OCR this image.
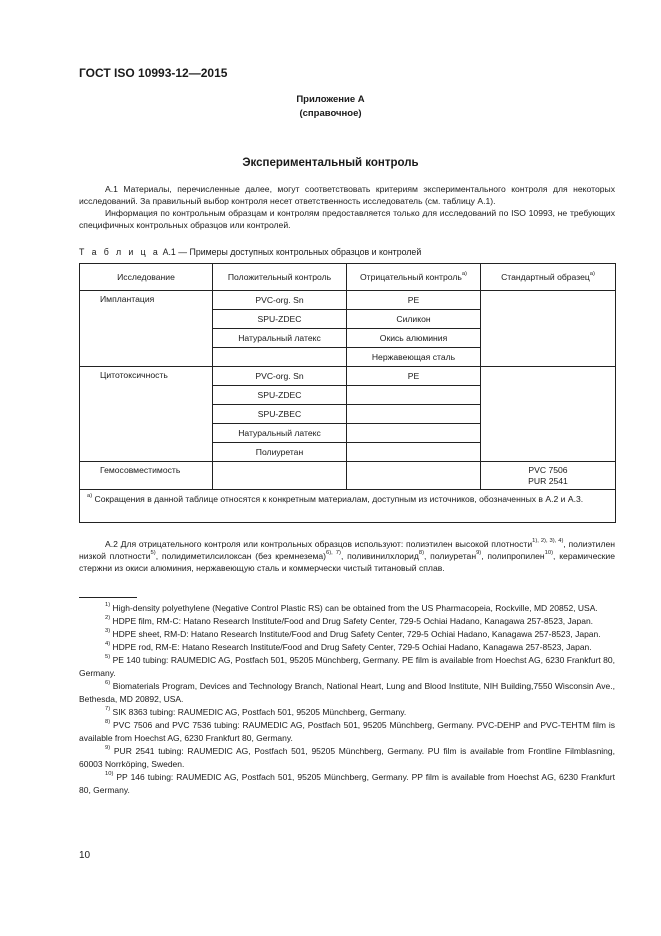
ГОСТ ISO 10993-12—2015
Приложение А
(справочное)
Экспериментальный контроль
А.1 Материалы, перечисленные далее, могут соответствовать критериям экспериментального контроля для некоторых исследований. За правильный выбор контроля несет ответственность исследователь (см. таблицу А.1).
Информация по контрольным образцам и контролям предоставляется только для исследований по ISO 10993, не требующих специфичных контрольных образцов или контролей.
Т а б л и ц а А.1 — Примеры доступных контрольных образцов и контролей
Исследование	Положительный контроль	Отрицательный контроль$^{а)}$	Стандартный образец$^{а)}$
Имплантация	PVC-org. Sn	PE	
	SPU-ZDEC	Силикон	
	Натуральный латекс	Окись алюминия	
		Нержавеющая сталь	
Цитотоксичность	PVC-org. Sn	PE	
	SPU-ZDEC		
	SPU-ZBEC		
	Натуральный латекс		
	Полиуретан		
Гемосовместимость			PVC 7506
PUR 2541
$^{а)}$ Сокращения в данной таблице относятся к конкретным материалам, доступным из источников, обозначенных в А.2 и А.3.			
А.2 Для отрицательного контроля или контрольных образцов используют: полиэтилен высокой плотности$^{1), 2), 3), 4)}$, полиэтилен низкой плотности$^{5)}$, полидиметилсилоксан (без кремнезема)$^{6), 7)}$, поливинилхлорид$^{8)}$, полиуретан$^{9)}$, полипропилен$^{10)}$, керамические стержни из окиси алюминия, нержавеющую сталь и коммерчески чистый титановый сплав.

$^{1)}$ High-density polyethylene (Negative Control Plastic RS) can be obtained from the US Pharmacopeia, Rockville, MD 20852, USA.

$^{2)}$ HDPE film, RM-C: Hatano Research Institute/Food and Drug Safety Center, 729-5 Ochiai Hadano, Kanagawa 257-8523, Japan.

$^{3)}$ HDPE sheet, RM-D: Hatano Research Institute/Food and Drug Safety Center, 729-5 Ochiai Hadano, Kanagawa 257-8523, Japan.

$^{4)}$ HDPE rod, RM-E: Hatano Research Institute/Food and Drug Safety Center, 729-5 Ochiai Hadano, Kanagawa 257-8523, Japan.

$^{5)}$ PE 140 tubing: RAUMEDIC AG, Postfach 501, 95205 Münchberg, Germany. PE film is available from Hoechst AG, 6230 Frankfurt 80, Germany.

$^{6)}$ Biomaterials Program, Devices and Technology Branch, National Heart, Lung and Blood Institute, NIH Building,7550 Wisconsin Ave., Bethesda, MD 20892, USA.

$^{7)}$ SIK 8363 tubing: RAUMEDIC AG, Postfach 501, 95205 Münchberg, Germany.

$^{8)}$ PVC 7506 and PVC 7536 tubing: RAUMEDIC AG, Postfach 501, 95205 Münchberg, Germany. PVC-DEHP and PVC-TEHTM film is available from Hoechst AG, 6230 Frankfurt 80, Germany.

$^{9)}$ PUR 2541 tubing: RAUMEDIC AG, Postfach 501, 95205 Münchberg, Germany. PU film is available from Frontline Filmblasning, 60003 Norrköping, Sweden.

$^{10)}$ PP 146 tubing: RAUMEDIC AG, Postfach 501, 95205 Münchberg, Germany. PP film is available from Hoechst AG, 6230 Frankfurt 80, Germany.

10
